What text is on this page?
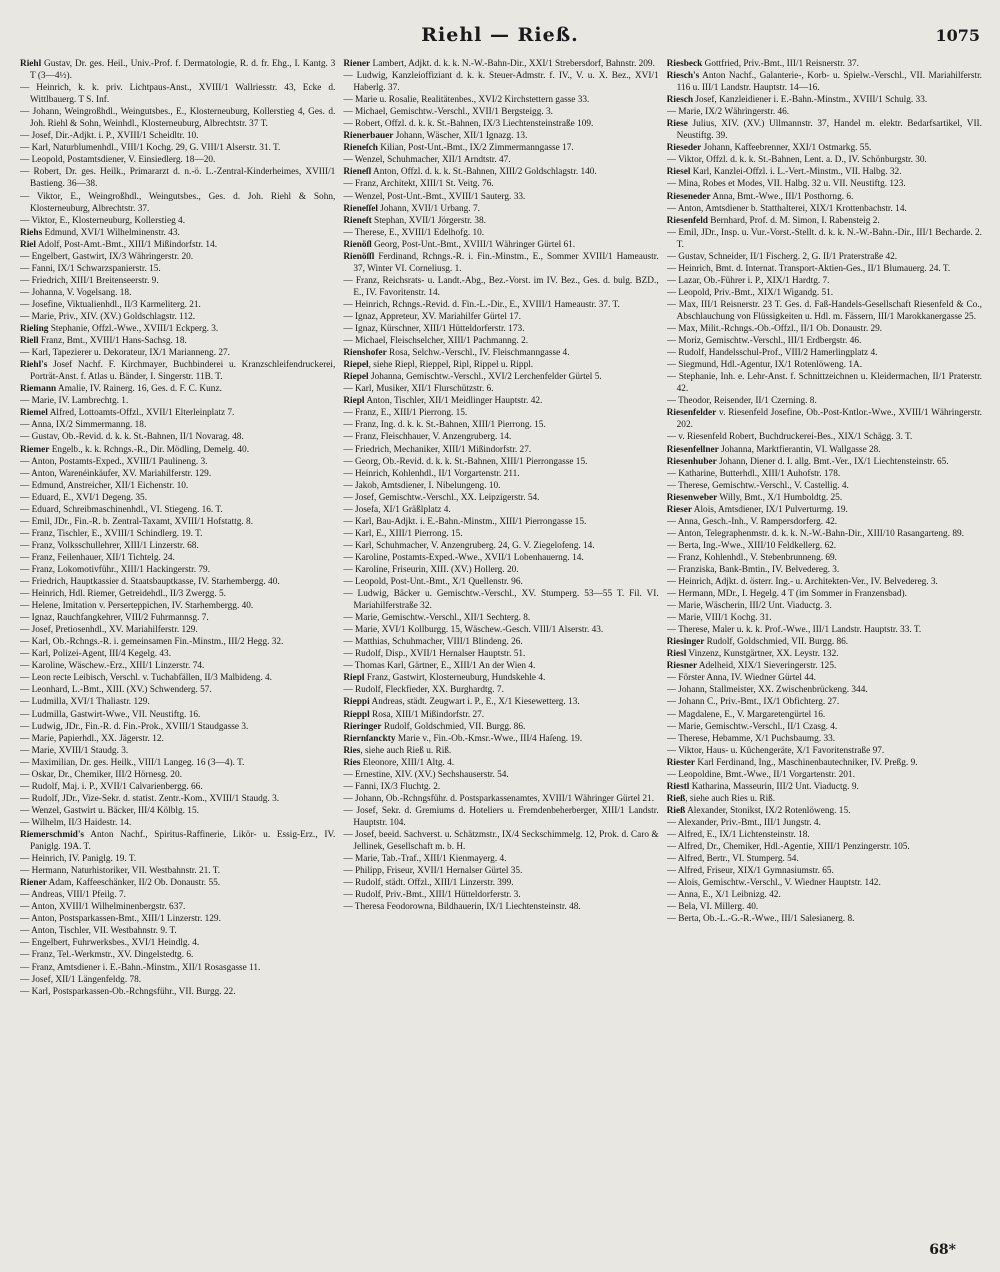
Riehl — Rieß.	1075

Riehl Gustav, Dr. ges. Heil., Univ.-Prof. f. Dermatologie, R. d. fr. Ehg., I. Kantg. 3 T (3—4½).

— Heinrich, k. k. priv. Lichtpaus-Anst., XVIII/1 Wallriesstr. 43, Ecke d. Wittlbauerg. T S. Inf.

— Johann, Weingroßhdl., Weingutsbes., E., Klosterneuburg, Kollerstieg 4, Ges. d. Joh. Riehl & Sohn, Weinhdl., Klosterneuburg, Albrechtstr. 37 T.

— Josef, Dir.-Adjkt. i. P., XVIII/1 Scheidltr. 10.

— Karl, Naturblumenhdl., VIII/1 Kochg. 29, G. VIII/1 Alserstr. 31. T.

— Leopold, Postamtsdiener, V. Einsiedlerg. 18—20.

— Robert, Dr. ges. Heilk., Primararzt d. n.-ö. L.-Zentral-Kinderheimes, XVIII/1 Bastieng. 36—38.

— Viktor, E., Weingroßhdl., Weingutsbes., Ges. d. Joh. Riehl & Sohn, Klosterneuburg, Albrechtstr. 37.

— Viktor, E., Klosterneuburg, Kollerstieg 4.

Riehs Edmund, XVI/1 Wilhelminenstr. 43.

Riel Adolf, Post-Amt.-Bmt., XIII/1 Mißindorfstr. 14.

— Engelbert, Gastwirt, IX/3 Währingerstr. 20.

— Fanni, IX/1 Schwarzspanierstr. 15.

— Friedrich, XIII/1 Breitenseerstr. 9.

— Johanna, V. Vogelsang. 18.

— Josefine, Viktualienhdl., II/3 Karmeliterg. 21.

— Marie, Priv., XIV. (XV.) Goldschlagstr. 112.

Rieling Stephanie, Offzl.-Wwe., XVIII/1 Eckperg. 3.

Riell Franz, Bmt., XVIII/1 Hans-Sachsg. 18.

— Karl, Tapezierer u. Dekorateur, IX/1 Marianneng. 27.

Riehl's Josef Nachf. F. Kirchmayer, Buchbinderei u. Kranzschleifendruckerei, Porträt-Anst. f. Atlas u. Bänder, I. Singerstr. 11B. T.

Riemann Amalie, IV. Rainerg. 16, Ges. d. F. C. Kunz.

— Marie, IV. Lambrechtg. 1.

Riemel Alfred, Lottoamts-Offzl., XVII/1 Elterleinplatz 7.

— Anna, IX/2 Simmermanng. 18.

— Gustav, Ob.-Revid. d. k. k. St.-Bahnen, II/1 Novarag. 48.

Riemer Engelb., k. k. Rchngs.-R., Dir. Mödling, Demelg. 40.

— Anton, Postamts-Exped., XVIII/1 Paulineng. 3.

— Anton, Warenéinkäufer, XV. Mariahilferstr. 129.

— Edmund, Anstreicher, XII/1 Eichenstr. 10.

— Eduard, E., XVI/1 Degeng. 35.

— Eduard, Schreibmaschinenhdl., VI. Stiegeng. 16. T.

— Emil, JDr., Fin.-R. b. Zentral-Taxamt, XVIII/1 Hofstattg. 8.

— Franz, Tischler, E., XVIII/1 Schindlerg. 19. T.

— Franz, Volksschullehrer, XIII/1 Linzerstr. 68.

— Franz, Feilenhauer, XII/1 Tichtelg. 24.

— Franz, Lokomotivführ., XIII/1 Hackingerstr. 79.

— Friedrich, Hauptkassier d. Staatsbauptkasse, IV. Starhembergg. 40.

— Heinrich, Hdl. Riemer, Getreidehdl., II/3 Zwergg. 5.

— Helene, Imitation v. Perserteppichen, IV. Starhembergg. 40.

— Ignaz, Rauchfangkehrer, VIII/2 Fuhrmannsg. 7.

— Josef, Pretiosenhdl., XV. Mariahilferstr. 129.

— Karl, Ob.-Rchngs.-R. i. gemeinsamen Fin.-Minstm., III/2 Hegg. 32.

— Karl, Polizei-Agent, III/4 Kegelg. 43.

— Karoline, Wäschew.-Erz., XIII/1 Linzerstr. 74.

— Leon recte Leibisch, Verschl. v. Tuchabfällen, II/3 Malbideng. 4.

— Leonhard, L.-Bmt., XIII. (XV.) Schwenderg. 57.

— Ludmilla, XVI/1 Thaliastr. 129.

— Ludmilla, Gastwirt-Wwe., VII. Neustiftg. 16.

— Ludwig, JDr., Fin.-R. d. Fin.-Prok., XVIII/1 Staudgasse 3.

— Marie, Papierhdl., XX. Jägerstr. 12.

— Marie, XVIII/1 Staudg. 3.

— Maximilian, Dr. ges. Heilk., VIII/1 Langeg. 16 (3—4). T.

— Oskar, Dr., Chemiker, III/2 Hörnesg. 20.

— Rudolf, Maj. i. P., XVII/1 Calvarienbergg. 66.

— Rudolf, JDr., Vize-Sekr. d. statist. Zentr.-Kom., XVIII/1 Staudg. 3.

— Wenzel, Gastwirt u. Bäcker, III/4 Kölblg. 15.

— Wilhelm, II/3 Haidestr. 14.

Riemerschmid's Anton Nachf., Spiritus-Raffinerie, Likör- u. Essig-Erz., IV. Paniglg. 19A. T.

— Heinrich, IV. Paniglg. 19. T.

— Hermann, Naturhistoriker, VII. Westbahnstr. 21. T.

Riener Adam, Kaffeeschänker, II/2 Ob. Donaustr. 55.

— Andreas, VIII/1 Pfeilg. 7.

— Anton, XVIII/1 Wilhelminenbergstr. 637.

— Anton, Postsparkassen-Bmt., XIII/1 Linzerstr. 129.

— Anton, Tischler, VII. Westbahnstr. 9. T.

— Engelbert, Fuhrwerksbes., XVI/1 Heindlg. 4.

— Franz, Tel.-Werkmstr., XV. Dingelstedtg. 6.

— Franz, Amtsdiener i. E.-Bahn.-Minstm., XII/1 Rosasgasse 11.

— Josef, XII/1 Längenfeldg. 78.

— Karl, Postsparkassen-Ob.-Rchngsführ., VII. Burgg. 22.

Riener Lambert, Adjkt. d. k. k. N.-W.-Bahn-Dir., XXI/1 Strebersdorf, Bahnstr. 209.

— Ludwig, Kanzleioffiziant d. k. k. Steuer-Admstr. f. IV., V. u. X. Bez., XVI/1 Haberlg. 37.

— Marie u. Rosalie, Realitätenbes., XVI/2 Kirchstettern gasse 33.

— Michael, Gemischtw.-Verschl., XVII/1 Bergsteigg. 3.

— Robert, Offzl. d. k. k. St.-Bahnen, IX/3 Liechtensteinstraße 109.

Rienerbauer Johann, Wäscher, XII/1 Ignazg. 13.

Rieneſch Kilian, Post-Unt.-Bmt., IX/2 Zimmermanngasse 17.

— Wenzel, Schuhmacher, XII/1 Arndtstr. 47.

Rieneſl Anton, Offzl. d. k. k. St.-Bahnen, XIII/2 Goldschlagstr. 140.

— Franz, Architekt, XIII/1 St. Veitg. 76.

— Wenzel, Post-Unt.-Bmt., XVIII/1 Sauterg. 33.

Rieneſſel Johann, XVII/1 Urbang. 7.

Rieneſt Stephan, XVII/1 Jörgerstr. 38.

— Therese, E., XVIII/1 Edelhofg. 10.

Rienöſl Georg, Post-Unt.-Bmt., XVIII/1 Währinger Gürtel 61.

Rienöſſl Ferdinand, Rchngs.-R. i. Fin.-Minstm., E., Sommer XVIII/1 Hameaustr. 37, Winter VI. Corneliusg. 1.

— Franz, Reichsrats- u. Landt.-Abg., Bez.-Vorst. im IV. Bez., Ges. d. bulg. BZD., E., IV. Favoritenstr. 14.

— Heinrich, Rchngs.-Revid. d. Fin.-L.-Dir., E., XVIII/1 Hameaustr. 37. T.

— Ignaz, Appreteur, XV. Mariahilfer Gürtel 17.

— Ignaz, Kürschner, XIII/1 Hütteldorferstr. 173.

— Michael, Fleischselcher, XIII/1 Pachmanng. 2.

Rienshofer Rosa, Selchw.-Verschl., IV. Fleischmanngasse 4.

Riepel, siehe Riepl, Rieppel, Ripl, Rippel u. Rippl.

Riepel Johanna, Gemischtw.-Verschl., XVI/2 Lerchenfelder Gürtel 5.

— Karl, Musiker, XII/1 Flurschützstr. 6.

Riepl Anton, Tischler, XII/1 Meidlinger Hauptstr. 42.

— Franz, E., XIII/1 Pierrong. 15.

— Franz, Ing. d. k. k. St.-Bahnen, XIII/1 Pierrong. 15.

— Franz, Fleischhauer, V. Anzengruberg. 14.

— Friedrich, Mechaniker, XIII/1 Mißindorfstr. 27.

— Georg, Ob.-Revid. d. k. k. St.-Bahnen, XIII/1 Pierrongasse 15.

— Heinrich, Kohlenhdl., II/1 Vorgartenstr. 211.

— Jakob, Amtsdiener, I. Nibelungeng. 10.

— Josef, Gemischtw.-Verschl., XX. Leipzigerstr. 54.

— Josefa, XI/1 Gräßlplatz 4.

— Karl, Bau-Adjkt. i. E.-Bahn.-Minstm., XIII/1 Pierrongasse 15.

— Karl, E., XIII/1 Pierrong. 15.

— Karl, Schuhmacher, V. Anzengruberg. 24, G. V. Ziegelofeng. 14.

— Karoline, Postamts-Exped.-Wwe., XVII/1 Lobenhauerng. 14.

— Karoline, Friseurin, XIII. (XV.) Hollerg. 20.

— Leopold, Post-Unt.-Bmt., X/1 Quellenstr. 96.

— Ludwig, Bäcker u. Gemischtw.-Verschl., XV. Stumperg. 53—55 T. Fil. VI. Mariahilferstraße 32.

— Marie, Gemischtw.-Verschl., XII/1 Sechterg. 8.

— Marie, XVI/1 Kollburgg. 15, Wäschew.-Gesch. VIII/1 Alserstr. 43.

— Matthias, Schuhmacher, VIII/1 Blindeng. 26.

— Rudolf, Disp., XVII/1 Hernalser Hauptstr. 51.

— Thomas Karl, Gärtner, E., XIII/1 An der Wien 4.

Riepl Franz, Gastwirt, Klosterneuburg, Hundskehle 4.

— Rudolf, Fleckfieder, XX. Burghardtg. 7.

Rieppi Andreas, städt. Zeugwart i. P., E., X/1 Kiesewetterg. 13.

Rieppl Rosa, XIII/1 Mißindorfstr. 27.

Rieringer Rudolf, Goldschmied, VII. Burgg. 86.

Riernſanckty Marie v., Fin.-Ob.-Kmsr.-Wwe., III/4 Haſeng. 19.

Ries, siehe auch Rieß u. Riß.

Ries Eleonore, XIII/1 Altg. 4.

— Ernestine, XIV. (XV.) Sechshauserstr. 54.

— Fanni, IX/3 Fluchtg. 2.

— Johann, Ob.-Rchngsführ. d. Postsparkassenamtes, XVIII/1 Währinger Gürtel 21.

— Josef, Sekr. d. Gremiums d. Hoteliers u. Fremdenbeherberger, XIII/1 Landstr. Hauptstr. 104.

— Josef, beeid. Sachverst. u. Schätzmstr., IX/4 Seckschimmelg. 12, Prok. d. Caro & Jellinek, Gesellschaft m. b. H.

— Marie, Tab.-Traf., XIII/1 Kienmayerg. 4.

— Philipp, Friseur, XVII/1 Hernalser Gürtel 35.

— Rudolf, städt. Offzl., XIII/1 Linzerstr. 399.

— Rudolf, Priv.-Bmt., XIII/1 Hütteldorferstr. 3.

— Theresa Feodorowna, Bildhauerin, IX/1 Liechtensteinstr. 48.

Riesbeck Gottfried, Priv.-Bmt., III/1 Reisnerstr. 37.

Riesch's Anton Nachf., Galanterie-, Korb- u. Spielw.-Verschl., VII. Mariahilferstr. 116 u. III/1 Landstr. Hauptstr. 14—16.

Riesch Josef, Kanzleidiener i. E.-Bahn.-Minstm., XVIII/1 Schulg. 33.

— Marie, IX/2 Währingerstr. 46.

Riese Julius, XIV. (XV.) Ullmannstr. 37, Handel m. elektr. Bedarfsartikel, VII. Neustiftg. 39.

Rieseder Johann, Kaffeebrenner, XXI/1 Ostmarkg. 55.

— Viktor, Offzl. d. k. k. St.-Bahnen, Lent. a. D., IV. Schönburgstr. 30.

Riesel Karl, Kanzlei-Offzl. i. L.-Vert.-Minstm., VII. Halbg. 32.

— Mina, Robes et Modes, VII. Halbg. 32 u. VII. Neustiftg. 123.

Rieseneder Anna, Bmt.-Wwe., III/1 Posthorng. 6.

— Anton, Amtsdiener b. Statthalterei, XIX/1 Krottenbachstr. 14.

Riesenfeld Bernhard, Prof. d. M. Simon, I. Rabensteig 2.

— Emil, JDr., Insp. u. Vur.-Vorst.-Stellt. d. k. k. N.-W.-Bahn.-Dir., III/1 Becharde. 2. T.

— Gustav, Schneider, II/1 Fischerg. 2, G. II/1 Praterstraße 42.

— Heinrich, Bmt. d. Internat. Transport-Aktien-Ges., II/1 Blumauerg. 24. T.

— Lazar, Ob.-Führer i. P., XIX/1 Hardtg. 7.

— Leopold, Priv.-Bmt., XIX/1 Wigandg. 51.

— Max, III/1 Reisnerstr. 23 T. Ges. d. Faß-Handels-Gesellschaft Riesenfeld & Co., Abschlauchung von Flüssigkeiten u. Hdl. m. Fässern, III/1 Marokkanergasse 25.

— Max, Milit.-Rchngs.-Ob.-Offzl., II/1 Ob. Donaustr. 29.

— Moriz, Gemischtw.-Verschl., III/1 Erdbergstr. 46.

— Rudolf, Handelsschul-Prof., VIII/2 Hamerlingplatz 4.

— Siegmund, Hdl.-Agentur, IX/1 Rotenlöweng. 1A.

— Stephanie, Inh. e. Lehr-Anst. f. Schnittzeichnen u. Kleidermachen, II/1 Praterstr. 42.

— Theodor, Reisender, II/1 Czerning. 8.

Riesenfelder v. Riesenfeld Josefine, Ob.-Post-Kntlor.-Wwe., XVIII/1 Währingerstr. 202.

— v. Riesenfeld Robert, Buchdruckerei-Bes., XIX/1 Schägg. 3. T.

Riesenfellner Johanna, Marktfierantin, VI. Wallgasse 28.

Riesenhuber Johann, Diener d. I. allg. Bmt.-Ver., IX/1 Liechtensteinstr. 65.

— Katharine, Butterhdl., XIII/1 Auhofstr. 178.

— Therese, Gemischtw.-Verschl., V. Castellig. 4.

Riesenweber Willy, Bmt., X/1 Humboldtg. 25.

Rieser Alois, Amtsdiener, IX/1 Pulverturmg. 19.

— Anna, Gesch.-Inh., V. Rampersdorferg. 42.

— Anton, Telegraphenmstr. d. k. k. N.-W.-Bahn-Dir., XIII/10 Rasangarteng. 89.

— Berta, Ing.-Wwe., XIII/10 Feldkellerg. 62.

— Franz, Kohlenhdl., V. Stebenbrunneng. 69.

— Franziska, Bank-Bmtin., IV. Belvedereg. 3.

— Heinrich, Adjkt. d. österr. Ing.- u. Architekten-Ver., IV. Belvedereg. 3.

— Hermann, MDr., I. Hegelg. 4 T (im Sommer in Franzensbad).

— Marie, Wäscherin, III/2 Unt. Viaductg. 3.

— Marie, VIII/1 Kochg. 31.

— Therese, Maler u. k. k. Prof.-Wwe., III/1 Landstr. Hauptstr. 33. T.

Riesinger Rudolf, Goldschmied, VII. Burgg. 86.

Riesl Vinzenz, Kunstgärtner, XX. Leystr. 132.

Riesner Adelheid, XIX/1 Sieveringerstr. 125.

— Förster Anna, IV. Wiedner Gürtel 44.

— Johann, Stallmeister, XX. Zwischenbrückeng. 344.

— Johann C., Priv.-Bmt., IX/1 Obfichterg. 27.

— Magdalene, E., V. Margaretengürtel 16.

— Marie, Gemischtw.-Verschl., II/1 Czasg. 4.

— Therese, Hebamme, X/1 Puchsbaumg. 33.

— Viktor, Haus- u. Küchengeräte, X/1 Favoritenstraße 97.

Riester Karl Ferdinand, Ing., Maschinenbautechniker, IV. Preßg. 9.

— Leopoldine, Bmt.-Wwe., II/1 Vorgartenstr. 201.

Riestl Katharina, Masseurin, III/2 Unt. Viaductg. 9.

Rieß, siehe auch Ries u. Riß.

Rieß Alexander, Stonikst, IX/2 Rotenlöweng. 15.

— Alexander, Priv.-Bmt., III/1 Jungstr. 4.

— Alfred, E., IX/1 Lichtensteinstr. 18.

— Alfred, Dr., Chemiker, Hdl.-Agentie, XIII/1 Penzingerstr. 105.

— Alfred, Bertr., VI. Stumperg. 54.

— Alfred, Friseur, XIX/1 Gymnasiumstr. 65.

— Alois, Gemischtw.-Verschl., V. Wiedner Hauptstr. 142.

— Anna, E., X/1 Leibnizg. 42.

— Bela, VI. Millerg. 40.

— Berta, Ob.-L.-G.-R.-Wwe., III/1 Salesianerg. 8.

68*
